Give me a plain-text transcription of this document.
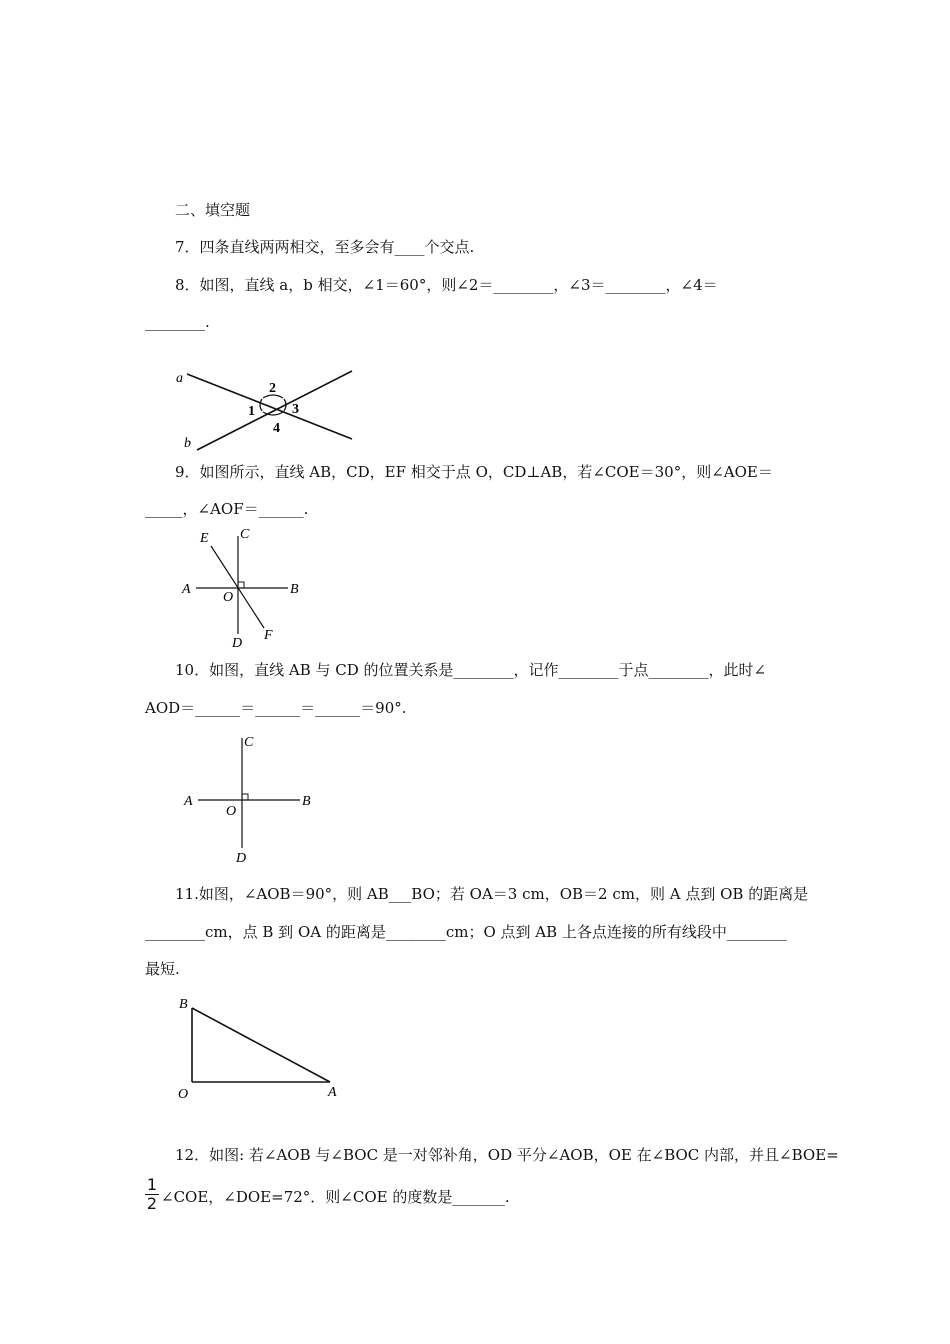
二、填空题
7．四条直线两两相交，至多会有____个交点.
8．如图，直线 a，b 相交，∠1＝60°，则∠2＝________，∠3＝________，∠4＝
________.
a
b
2
1	3
4
9．如图所示，直线 AB，CD，EF 相交于点 O，CD⊥AB，若∠COE＝30°，则∠AOE＝
_____，∠AOF＝______.
E C
A
O
B
D
F
10．如图，直线 AB 与 CD 的位置关系是________，记作________于点________，此时∠
AOD＝______＝______＝______＝90°.
C
A
O
B
D
11.如图，∠AOB＝90°，则 AB___BO；若 OA＝3 cm，OB＝2 cm，则 A 点到 OB 的距离是
________cm，点 B 到 OA 的距离是________cm；O 点到 AB 上各点连接的所有线段中________
最短.
B
O	A
12．如图: 若∠AOB 与∠BOC 是一对邻补角，OD 平分∠AOB，OE 在∠BOC 内部，并且∠BOE=
1
2 ∠COE，∠DOE=72°．则∠COE 的度数是_______.
